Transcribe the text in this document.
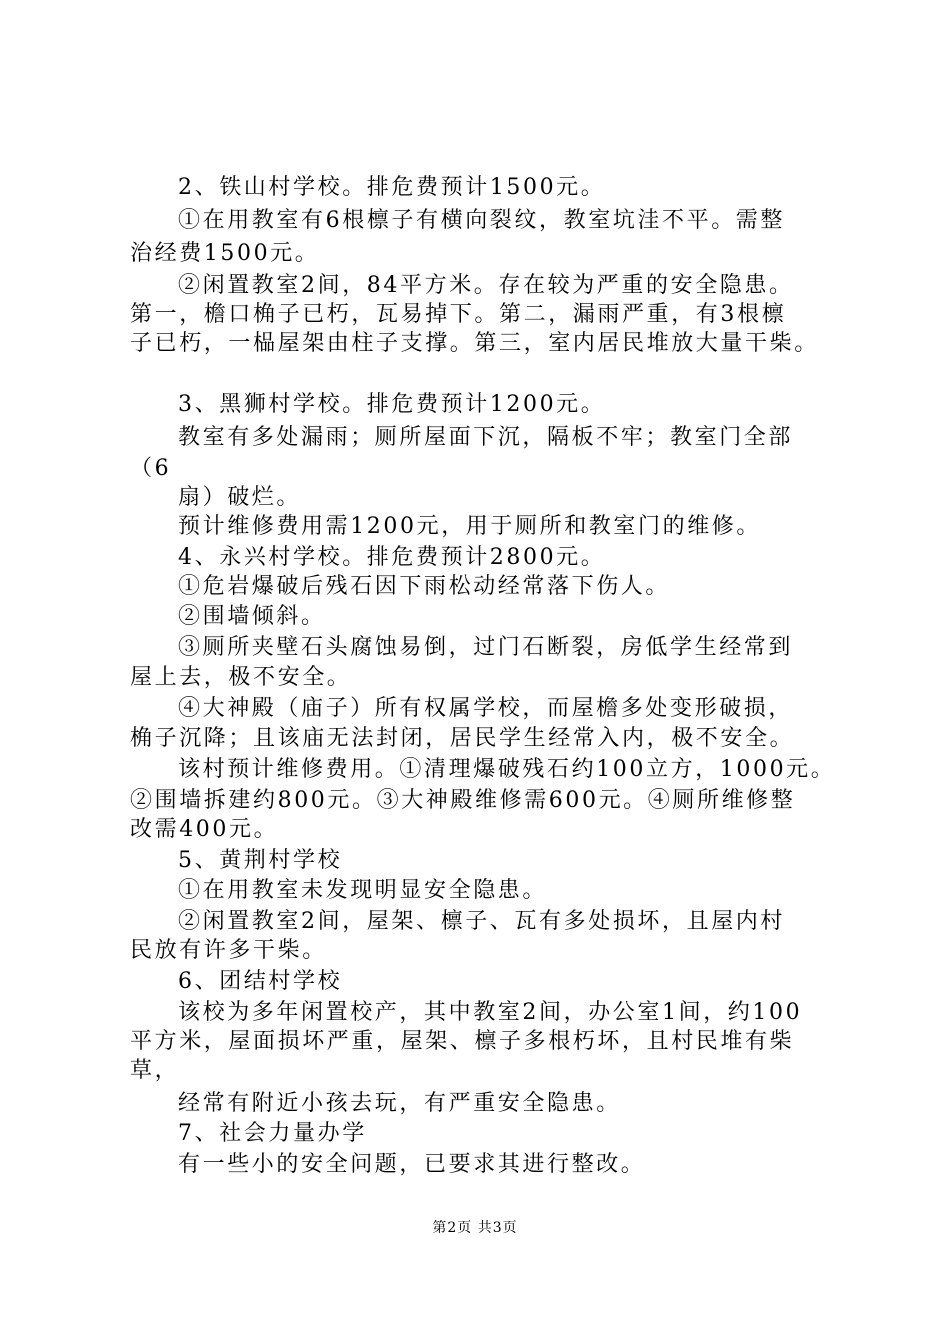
2、铁山村学校。排危费预计1500元。
①在用教室有6根檩子有横向裂纹，教室坑洼不平。需整
治经费1500元。
②闲置教室2间，84平方米。存在较为严重的安全隐患。
第一，檐口桷子已朽，瓦易掉下。第二，漏雨严重，有3根檩
子已朽，一榀屋架由柱子支撑。第三，室内居民堆放大量干柴。
3、黑狮村学校。排危费预计1200元。
教室有多处漏雨；厕所屋面下沉，隔板不牢；教室门全部
（6
扇）破烂。
预计维修费用需1200元，用于厕所和教室门的维修。
4、永兴村学校。排危费预计2800元。
①危岩爆破后残石因下雨松动经常落下伤人。
②围墙倾斜。
③厕所夹壁石头腐蚀易倒，过门石断裂，房低学生经常到
屋上去，极不安全。
④大神殿（庙子）所有权属学校，而屋檐多处变形破损，
桷子沉降；且该庙无法封闭，居民学生经常入内，极不安全。
该村预计维修费用。①清理爆破残石约100立方，1000元。
②围墙拆建约800元。③大神殿维修需600元。④厕所维修整
改需400元。
5、黄荆村学校
①在用教室未发现明显安全隐患。
②闲置教室2间，屋架、檩子、瓦有多处损坏，且屋内村
民放有许多干柴。
6、团结村学校
该校为多年闲置校产，其中教室2间，办公室1间，约100
平方米，屋面损坏严重，屋架、檩子多根朽坏，且村民堆有柴
草，
经常有附近小孩去玩，有严重安全隐患。
7、社会力量办学
有一些小的安全问题，已要求其进行整改。
第2页 共3页
